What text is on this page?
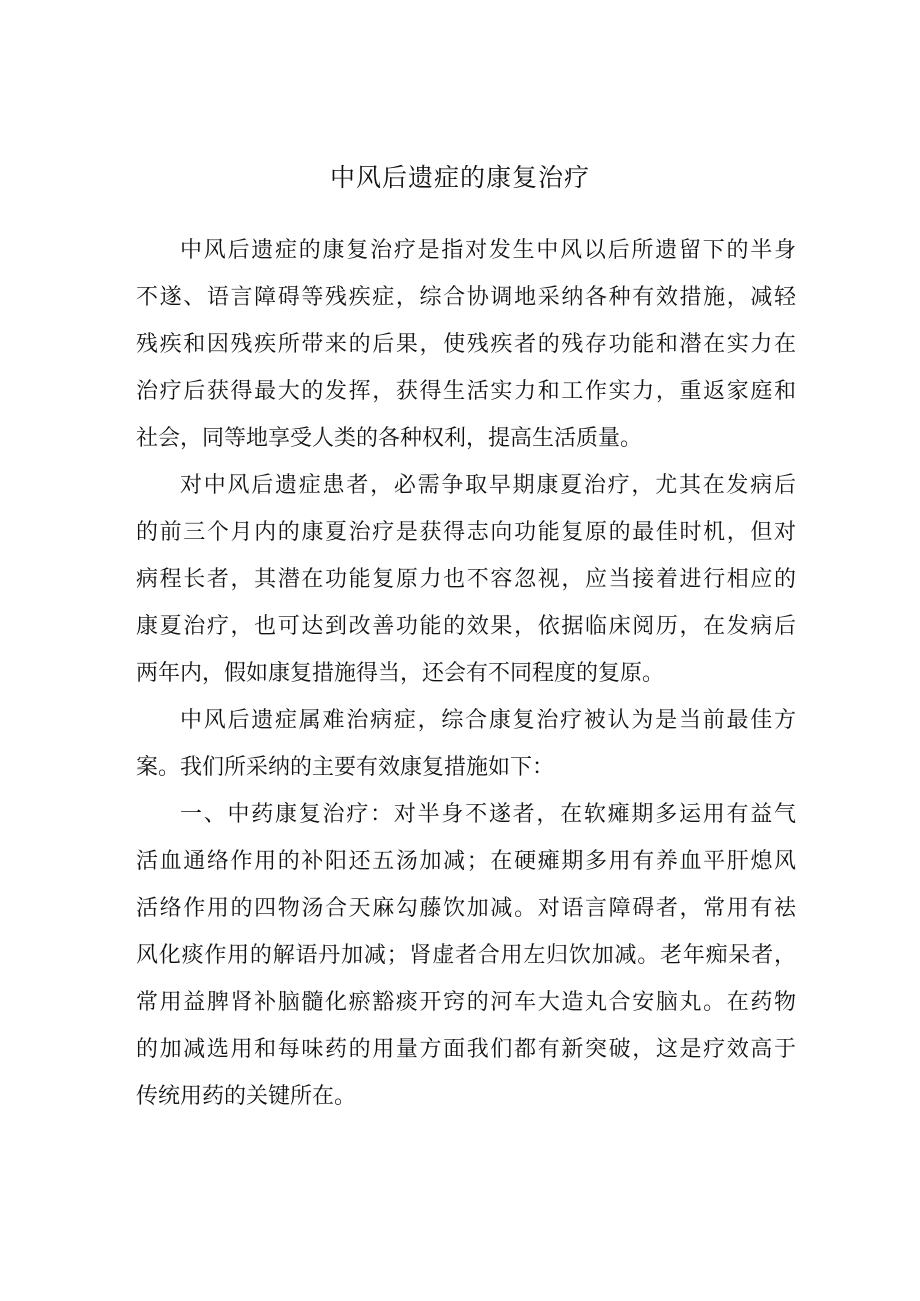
中风后遗症的康复治疗
中风后遗症的康复治疗是指对发生中风以后所遗留下的半身
不遂、语言障碍等残疾症，综合协调地采纳各种有效措施，减轻
残疾和因残疾所带来的后果，使残疾者的残存功能和潜在实力在
治疗后获得最大的发挥，获得生活实力和工作实力，重返家庭和
社会，同等地享受人类的各种权利，提高生活质量。
对中风后遗症患者，必需争取早期康夏治疗，尤其在发病后
的前三个月内的康夏治疗是获得志向功能复原的最佳时机，但对
病程长者，其潜在功能复原力也不容忽视，应当接着进行相应的
康夏治疗，也可达到改善功能的效果，依据临床阅历，在发病后
两年内，假如康复措施得当，还会有不同程度的复原。
中风后遗症属难治病症，综合康复治疗被认为是当前最佳方
案。我们所采纳的主要有效康复措施如下：
一、中药康复治疗：对半身不遂者，在软瘫期多运用有益气
活血通络作用的补阳还五汤加减；在硬瘫期多用有养血平肝熄风
活络作用的四物汤合天麻勾藤饮加减。对语言障碍者，常用有祛
风化痰作用的解语丹加减；肾虚者合用左归饮加减。老年痴呆者，
常用益脾肾补脑髓化瘀豁痰开窍的河车大造丸合安脑丸。在药物
的加减选用和每味药的用量方面我们都有新突破，这是疗效高于
传统用药的关键所在。
